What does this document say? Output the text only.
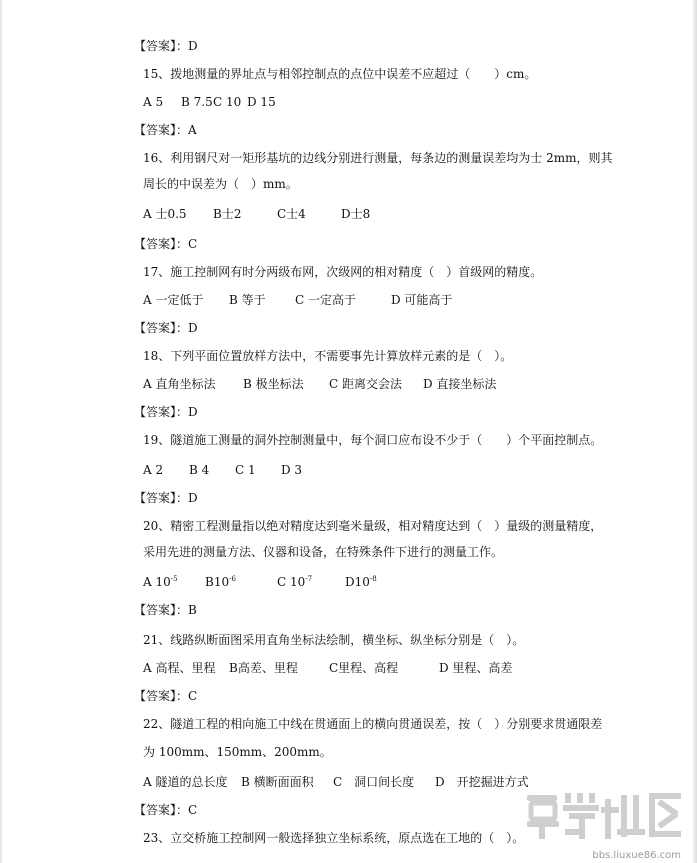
【答案】：D
15、拨地测量的界址点与相邻控制点的点位中误差不应超过（　　）cm。
A 5 B 7.5 C 10 D 15
【答案】：A
16、利用钢尺对一矩形基坑的边线分别进行测量，每条边的测量误差均为士 2mm，则其
周长的中误差为（　）mm。
A 士0.5 B士2	C士4	D士8
【答案】：C
17、施工控制网有时分两级布网，次级网的相对精度（　）首级网的精度。
A 一定低于 B 等于 C 一定高于	D 可能高于
【答案】：D
18、下列平面位置放样方法中，不需要事先计算放样元素的是（　）。
A 直角坐标法 B 极坐标法 C 距离交会法 D 直接坐标法
【答案】：D
19、隧道施工测量的洞外控制测量中，每个洞口应布设不少于（　　）个平面控制点。
A 2 B 4 C 1 D 3
【答案】：D
20、精密工程测量指以绝对精度达到毫米量级，相对精度达到（　）量级的测量精度，
采用先进的测量方法、仪器和设备，在特殊条件下进行的测量工作。
A $10^{-5}$ $B10^{-6}$	C $10^{-7}$	$D10^{-8}$
【答案】：B
21、线路纵断面图采用直角坐标法绘制，横坐标、纵坐标分别是（　）。
A 高程、里程 B高差、里程	C里程、高程	D 里程、高差
【答案】：C
22、隧道工程的相向施工中线在贯通面上的横向贯通误差，按（　）分别要求贯通限差
为 100mm、150mm、200mm。
A 隧道的总长度 B 横断面面积 C　洞口间长度 D　开挖掘进方式
【答案】：C
23、立交桥施工控制网一般选择独立坐标系统，原点选在工地的（　）。
bbs.liuxue86.com
